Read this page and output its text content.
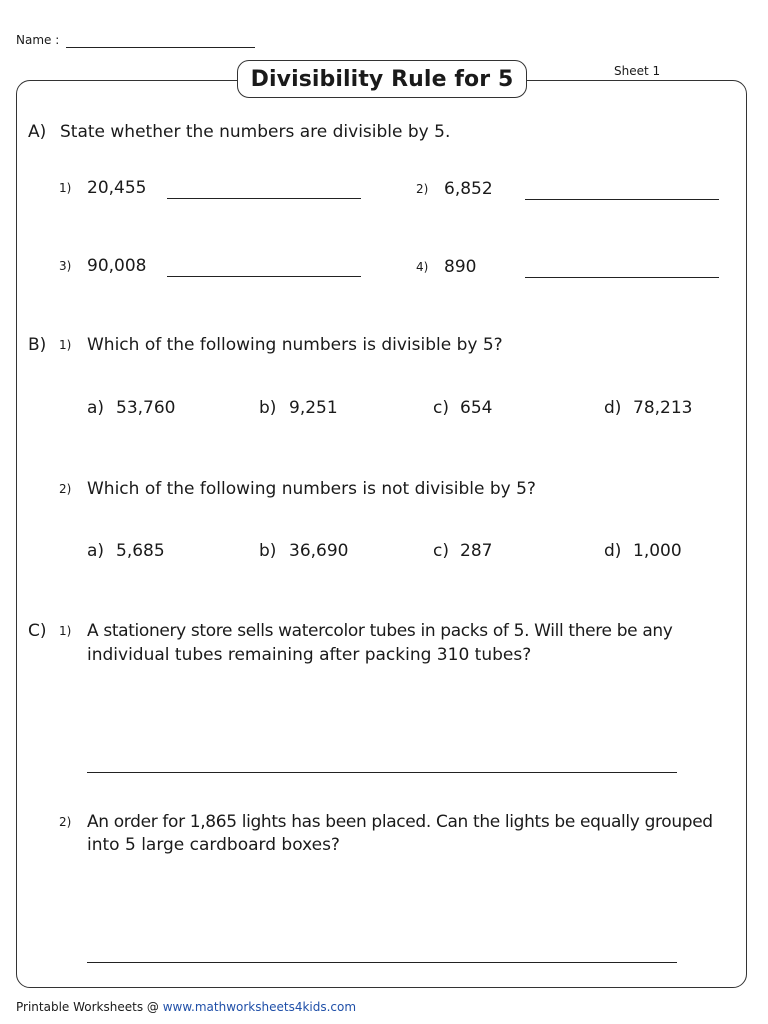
Name :
Sheet 1
Divisibility Rule for 5
A) State whether the numbers are divisible by 5.
1) 20,455	2) 6,852
3) 90,008	4) 890
B) 1) Which of the following numbers is divisible by 5?
a) 53,760	b) 9,251	c) 654	d) 78,213
2) Which of the following numbers is not divisible by 5?
a) 5,685	b) 36,690	c) 287	d) 1,000
C) 1) A stationery store sells watercolor tubes in packs of 5. Will there be any
individual tubes remaining after packing 310 tubes?
2) An order for 1,865 lights has been placed. Can the lights be equally grouped
into 5 large cardboard boxes?
Printable Worksheets @ www.mathworksheets4kids.com
